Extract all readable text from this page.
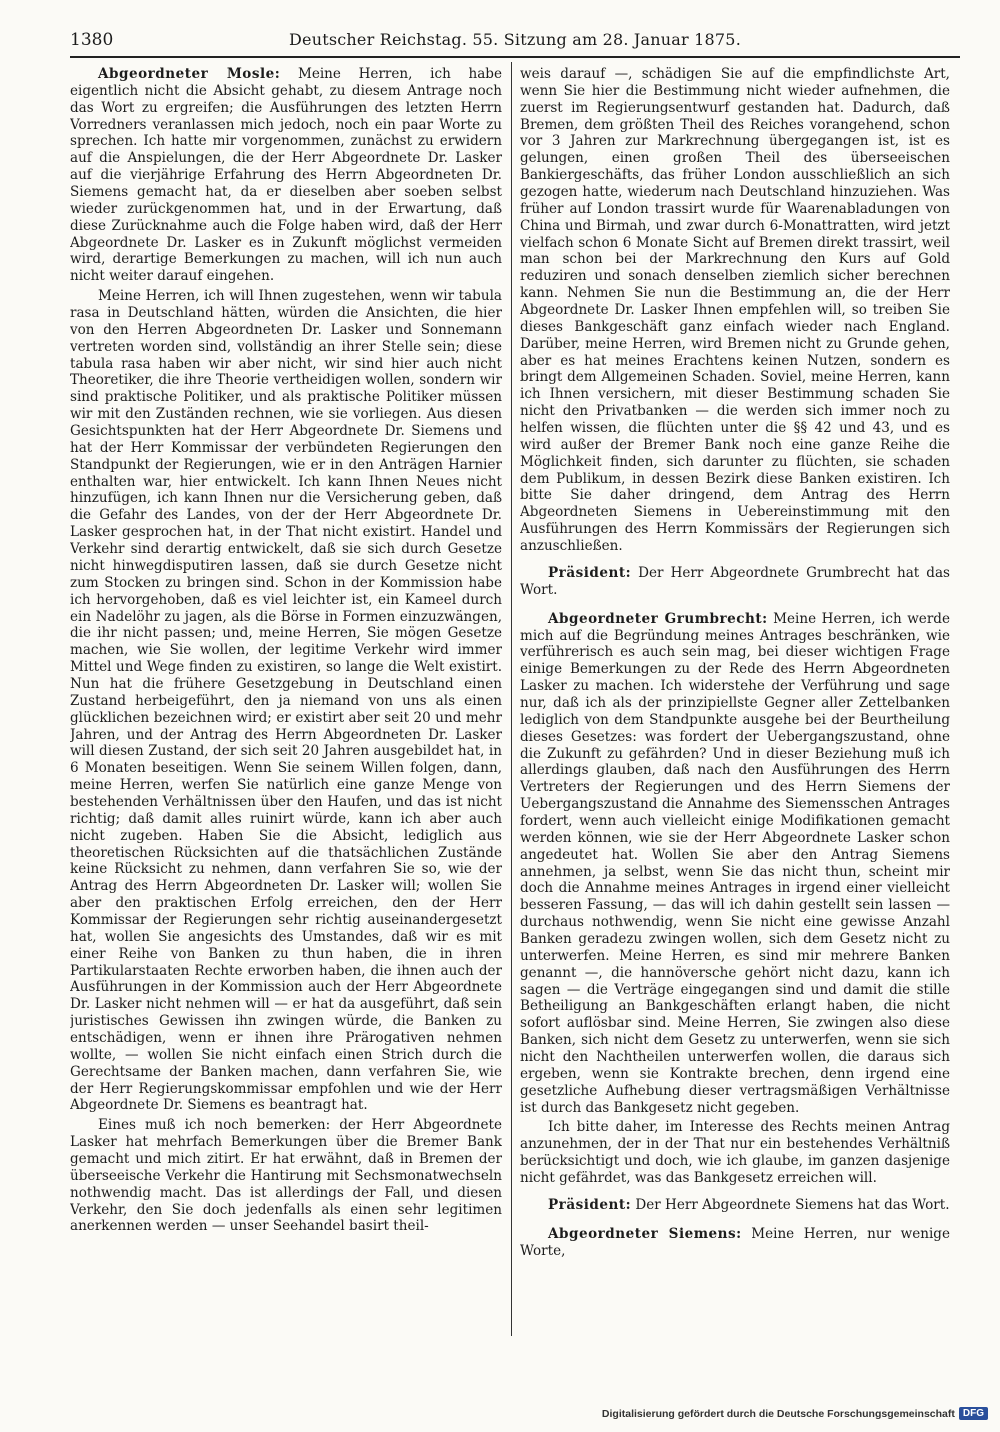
1380	Deutscher Reichstag. 55. Sitzung am 28. Januar 1875.

Abgeordneter Mosle: Meine Herren, ich habe eigentlich nicht die Absicht gehabt, zu diesem Antrage noch das Wort zu ergreifen; die Ausführungen des letzten Herrn Vorredners veranlassen mich jedoch, noch ein paar Worte zu sprechen. Ich hatte mir vorgenommen, zunächst zu erwidern auf die Anspielungen, die der Herr Abgeordnete Dr. Lasker auf die vierjährige Erfahrung des Herrn Abgeordneten Dr. Siemens gemacht hat, da er dieselben aber soeben selbst wieder zurückgenommen hat, und in der Erwartung, daß diese Zurücknahme auch die Folge haben wird, daß der Herr Abgeordnete Dr. Lasker es in Zukunft möglichst vermeiden wird, derartige Bemerkungen zu machen, will ich nun auch nicht weiter darauf eingehen.

Meine Herren, ich will Ihnen zugestehen, wenn wir tabula rasa in Deutschland hätten, würden die Ansichten, die hier von den Herren Abgeordneten Dr. Lasker und Sonnemann vertreten worden sind, vollständig an ihrer Stelle sein; diese tabula rasa haben wir aber nicht, wir sind hier auch nicht Theoretiker, die ihre Theorie vertheidigen wollen, sondern wir sind praktische Politiker, und als praktische Politiker müssen wir mit den Zuständen rechnen, wie sie vorliegen. Aus diesen Gesichtspunkten hat der Herr Abgeordnete Dr. Siemens und hat der Herr Kommissar der verbündeten Regierungen den Standpunkt der Regierungen, wie er in den Anträgen Harnier enthalten war, hier entwickelt. Ich kann Ihnen Neues nicht hinzufügen, ich kann Ihnen nur die Versicherung geben, daß die Gefahr des Landes, von der der Herr Abgeordnete Dr. Lasker gesprochen hat, in der That nicht existirt. Handel und Verkehr sind derartig entwickelt, daß sie sich durch Gesetze nicht hinwegdisputiren lassen, daß sie durch Gesetze nicht zum Stocken zu bringen sind. Schon in der Kommission habe ich hervorgehoben, daß es viel leichter ist, ein Kameel durch ein Nadelöhr zu jagen, als die Börse in Formen einzuzwängen, die ihr nicht passen; und, meine Herren, Sie mögen Gesetze machen, wie Sie wollen, der legitime Verkehr wird immer Mittel und Wege finden zu existiren, so lange die Welt existirt. Nun hat die frühere Gesetzgebung in Deutschland einen Zustand herbeigeführt, den ja niemand von uns als einen glücklichen bezeichnen wird; er existirt aber seit 20 und mehr Jahren, und der Antrag des Herrn Abgeordneten Dr. Lasker will diesen Zustand, der sich seit 20 Jahren ausgebildet hat, in 6 Monaten beseitigen. Wenn Sie seinem Willen folgen, dann, meine Herren, werfen Sie natürlich eine ganze Menge von bestehenden Verhältnissen über den Haufen, und das ist nicht richtig; daß damit alles ruinirt würde, kann ich aber auch nicht zugeben. Haben Sie die Absicht, lediglich aus theoretischen Rücksichten auf die thatsächlichen Zustände keine Rücksicht zu nehmen, dann verfahren Sie so, wie der Antrag des Herrn Abgeordneten Dr. Lasker will; wollen Sie aber den praktischen Erfolg erreichen, den der Herr Kommissar der Regierungen sehr richtig auseinandergesetzt hat, wollen Sie angesichts des Umstandes, daß wir es mit einer Reihe von Banken zu thun haben, die in ihren Partikularstaaten Rechte erworben haben, die ihnen auch der Ausführungen in der Kommission auch der Herr Abgeordnete Dr. Lasker nicht nehmen will — er hat da ausgeführt, daß sein juristisches Gewissen ihn zwingen würde, die Banken zu entschädigen, wenn er ihnen ihre Prärogativen nehmen wollte, — wollen Sie nicht einfach einen Strich durch die Gerechtsame der Banken machen, dann verfahren Sie, wie der Herr Regierungskommissar empfohlen und wie der Herr Abgeordnete Dr. Siemens es beantragt hat.

Eines muß ich noch bemerken: der Herr Abgeordnete Lasker hat mehrfach Bemerkungen über die Bremer Bank gemacht und mich zitirt. Er hat erwähnt, daß in Bremen der überseeische Verkehr die Hantirung mit Sechsmonatwechseln nothwendig macht. Das ist allerdings der Fall, und diesen Verkehr, den Sie doch jedenfalls als einen sehr legitimen anerkennen werden — unser Seehandel basirt theil-

weis darauf —, schädigen Sie auf die empfindlichste Art, wenn Sie hier die Bestimmung nicht wieder aufnehmen, die zuerst im Regierungsentwurf gestanden hat. Dadurch, daß Bremen, dem größten Theil des Reiches vorangehend, schon vor 3 Jahren zur Markrechnung übergegangen ist, ist es gelungen, einen großen Theil des überseeischen Bankiergeschäfts, das früher London ausschließlich an sich gezogen hatte, wiederum nach Deutschland hinzuziehen. Was früher auf London trassirt wurde für Waarenabladungen von China und Birmah, und zwar durch 6-Monattratten, wird jetzt vielfach schon 6 Monate Sicht auf Bremen direkt trassirt, weil man schon bei der Markrechnung den Kurs auf Gold reduziren und sonach denselben ziemlich sicher berechnen kann. Nehmen Sie nun die Bestimmung an, die der Herr Abgeordnete Dr. Lasker Ihnen empfehlen will, so treiben Sie dieses Bankgeschäft ganz einfach wieder nach England. Darüber, meine Herren, wird Bremen nicht zu Grunde gehen, aber es hat meines Erachtens keinen Nutzen, sondern es bringt dem Allgemeinen Schaden. Soviel, meine Herren, kann ich Ihnen versichern, mit dieser Bestimmung schaden Sie nicht den Privatbanken — die werden sich immer noch zu helfen wissen, die flüchten unter die §§ 42 und 43, und es wird außer der Bremer Bank noch eine ganze Reihe die Möglichkeit finden, sich darunter zu flüchten, sie schaden dem Publikum, in dessen Bezirk diese Banken existiren. Ich bitte Sie daher dringend, dem Antrag des Herrn Abgeordneten Siemens in Uebereinstimmung mit den Ausführungen des Herrn Kommissärs der Regierungen sich anzuschließen.

Präsident: Der Herr Abgeordnete Grumbrecht hat das Wort.

Abgeordneter Grumbrecht: Meine Herren, ich werde mich auf die Begründung meines Antrages beschränken, wie verführerisch es auch sein mag, bei dieser wichtigen Frage einige Bemerkungen zu der Rede des Herrn Abgeordneten Lasker zu machen. Ich widerstehe der Verführung und sage nur, daß ich als der prinzipiellste Gegner aller Zettelbanken lediglich von dem Standpunkte ausgehe bei der Beurtheilung dieses Gesetzes: was fordert der Uebergangszustand, ohne die Zukunft zu gefährden? Und in dieser Beziehung muß ich allerdings glauben, daß nach den Ausführungen des Herrn Vertreters der Regierungen und des Herrn Siemens der Uebergangszustand die Annahme des Siemensschen Antrages fordert, wenn auch vielleicht einige Modifikationen gemacht werden können, wie sie der Herr Abgeordnete Lasker schon angedeutet hat. Wollen Sie aber den Antrag Siemens annehmen, ja selbst, wenn Sie das nicht thun, scheint mir doch die Annahme meines Antrages in irgend einer vielleicht besseren Fassung, — das will ich dahin gestellt sein lassen — durchaus nothwendig, wenn Sie nicht eine gewisse Anzahl Banken geradezu zwingen wollen, sich dem Gesetz nicht zu unterwerfen. Meine Herren, es sind mir mehrere Banken genannt —, die hannöversche gehört nicht dazu, kann ich sagen — die Verträge eingegangen sind und damit die stille Betheiligung an Bankgeschäften erlangt haben, die nicht sofort auflösbar sind. Meine Herren, Sie zwingen also diese Banken, sich nicht dem Gesetz zu unterwerfen, wenn sie sich nicht den Nachtheilen unterwerfen wollen, die daraus sich ergeben, wenn sie Kontrakte brechen, denn irgend eine gesetzliche Aufhebung dieser vertragsmäßigen Verhältnisse ist durch das Bankgesetz nicht gegeben.

Ich bitte daher, im Interesse des Rechts meinen Antrag anzunehmen, der in der That nur ein bestehendes Verhältniß berücksichtigt und doch, wie ich glaube, im ganzen dasjenige nicht gefährdet, was das Bankgesetz erreichen will.

Präsident: Der Herr Abgeordnete Siemens hat das Wort.

Abgeordneter Siemens: Meine Herren, nur wenige Worte,

Digitalisierung gefördert durch die Deutsche Forschungsgemeinschaft DFG
